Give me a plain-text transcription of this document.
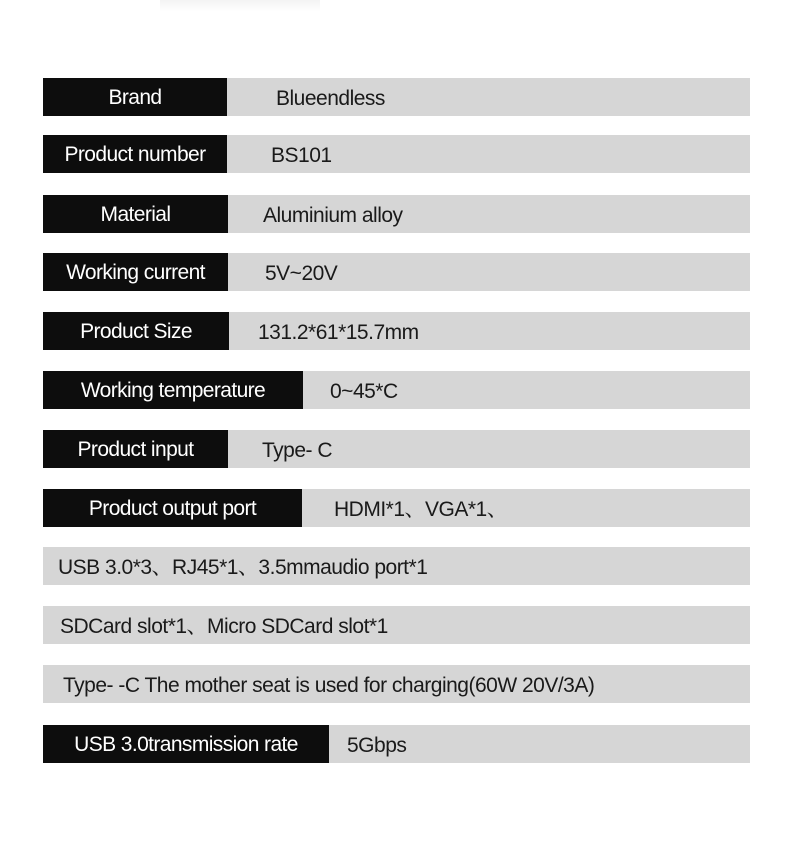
Brand	Blueendless
Product number	BS101
Material	Aluminium alloy
Working current	5V~20V
Product Size	131.2*61*15.7mm
Working temperature	0~45*C
Product input	Type- C
Product output port	HDMI*1、VGA*1、
USB 3.0*3、RJ45*1、3.5mmaudio port*1
SDCard slot*1、Micro SDCard slot*1
Type- -C The mother seat is used for charging(60W 20V/3A)
USB 3.0transmission rate	5Gbps
